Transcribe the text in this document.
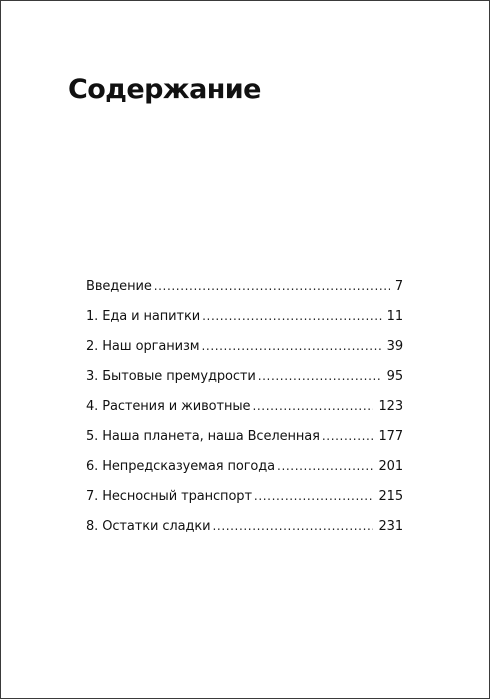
Содержание
Введение .....	7
1. Еда и напитки .....	11
2. Наш организм .....	39
3. Бытовые премудрости .....	95
4. Растения и животные .....	123
5. Наша планета, наша Вселенная .....	177
6. Непредсказуемая погода .....	201
7. Несносный транспорт .....	215
8. Остатки сладки .....	231
